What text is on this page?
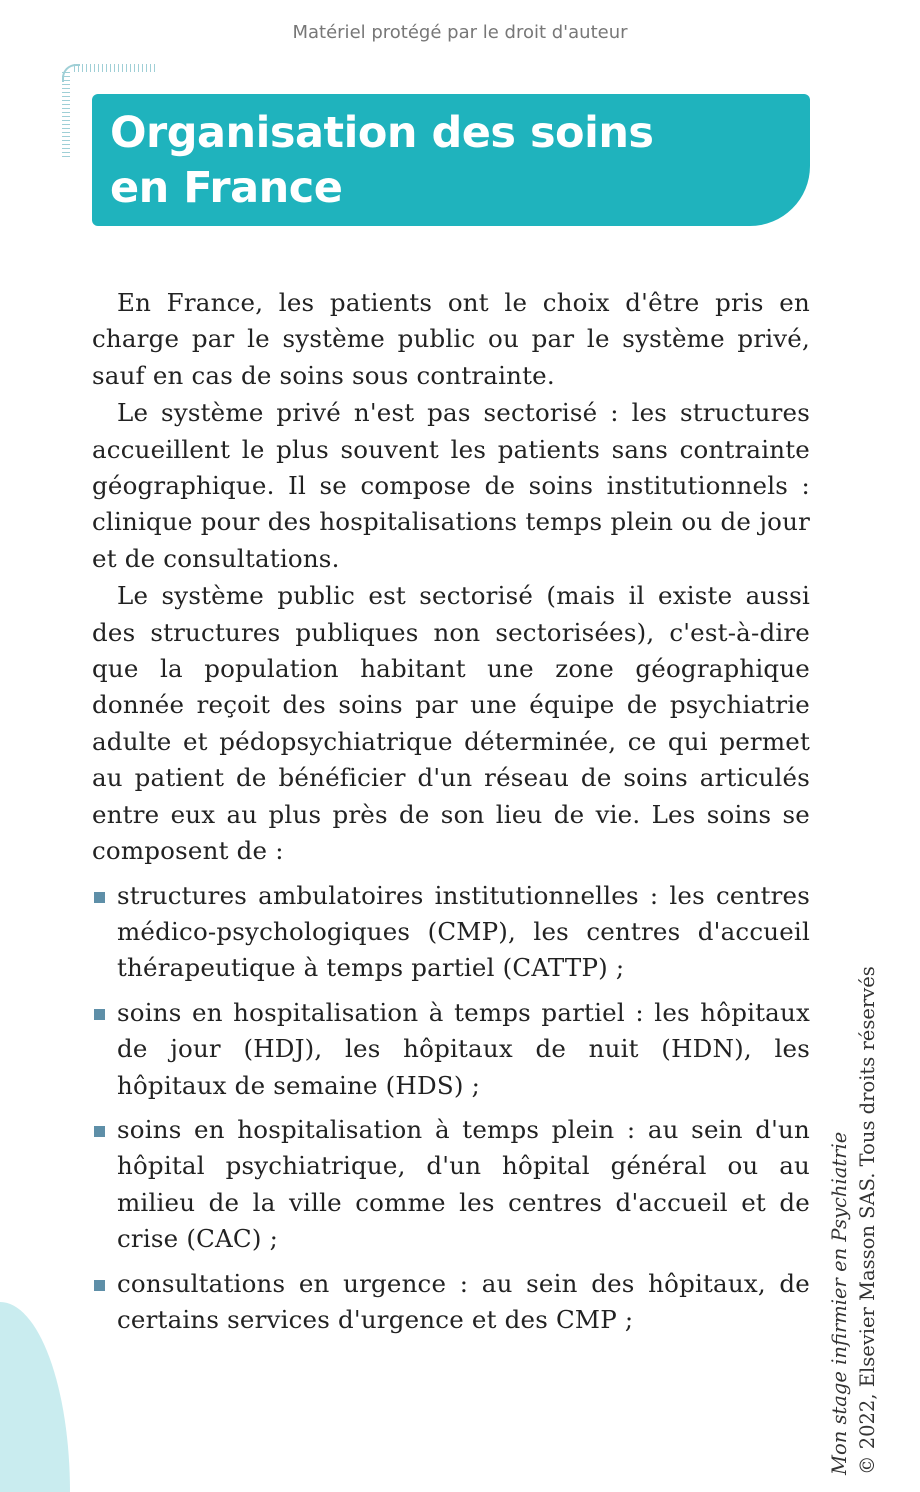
Matériel protégé par le droit d'auteur
Organisation des soins
en France

En France, les patients ont le choix d'être pris en charge par le système public ou par le système privé, sauf en cas de soins sous contrainte.

Le système privé n'est pas sectorisé : les structures accueillent le plus souvent les patients sans contrainte géographique. Il se compose de soins institutionnels : clinique pour des hospitalisations temps plein ou de jour et de consultations.

Le système public est sectorisé (mais il existe aussi des structures publiques non sectorisées), c'est-à-dire que la population habitant une zone géographique donnée reçoit des soins par une équipe de psychiatrie adulte et pédopsychiatrique déterminée, ce qui permet au patient de bénéficier d'un réseau de soins articulés entre eux au plus près de son lieu de vie. Les soins se composent de :

structures ambulatoires institutionnelles : les centres médico-psychologiques (CMP), les centres d'accueil thérapeutique à temps partiel (CATTP) ;
soins en hospitalisation à temps partiel : les hôpitaux de jour (HDJ), les hôpitaux de nuit (HDN), les hôpitaux de semaine (HDS) ;
soins en hospitalisation à temps plein : au sein d'un hôpital psychiatrique, d'un hôpital général ou au milieu de la ville comme les centres d'accueil et de crise (CAC) ;
consultations en urgence : au sein des hôpitaux, de certains services d'urgence et des CMP ;	Mon stage infirmier en Psychiatrie © 2022, Elsevier Masson SAS. Tous droits réservés
